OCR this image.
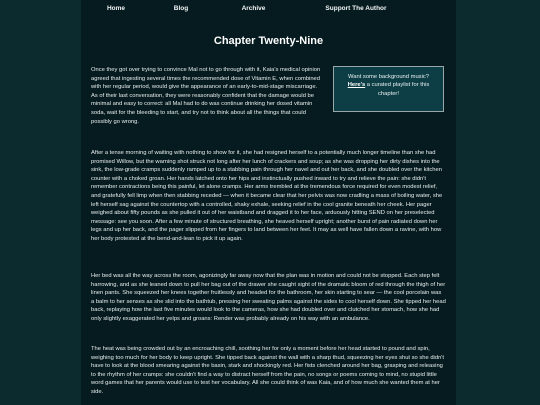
Home	Blog	Archive	Support The Author
Chapter Twenty-Nine

Once they got over trying to convince Mal not to go through with it, Kaia's medical opinion agreed that ingesting several times the recommended dose of Vitamin E, when combined with her regular period, would give the appearance of an early-to-mid-stage miscarriage. As of their last conversation, they were reasonably confident that the damage would be minimal and easy to correct: all Mal had to do was continue drinking her dosed vitamin soda, wait for the bleeding to start, and try not to think about all the things that could possibly go wrong.

Want some background music?
Here's a curated playlist for this chapter!

After a tense morning of waiting with nothing to show for it, she had resigned herself to a potentially much longer timeline than she had promised Willow, but the warning shot struck not long after her lunch of crackers and soup; as she was dropping her dirty dishes into the sink, the low-grade cramps suddenly ramped up to a stabbing pain through her navel and out her back, and she doubled over the kitchen counter with a choked groan. Her hands latched onto her hips and instinctually pushed inward to try and relieve the pain: she didn't remember contractions being this painful, let alone cramps. Her arms trembled at the tremendous force required for even modest relief, and gratefully fell limp when then stabbing receded — when it became clear that her pelvis was now cradling a mass of boiling water, she left herself sag against the countertop with a controlled, shaky exhale, seeking relief in the cool granite beneath her cheek. Her pager weighed about fifty pounds as she pulled it out of her waistband and dragged it to her face, arduously hitting SEND on her preselected message: see you soon. After a few minute of structured breathing, she heaved herself upright; another burst of pain radiated down her legs and up her back, and the pager slipped from her fingers to land between her feet. It may as well have fallen down a ravine, with how her body protested at the bend-and-lean to pick it up again.

Her bed was all the way across the room, agonizingly far away now that the plan was in motion and could not be stopped. Each step felt harrowing, and as she leaned down to pull her bag out of the drawer she caught sight of the dramatic bloom of red through the thigh of her linen pants. She squeezed her knees together fruitlessly and headed for the bathroom, her skin starting to sear — the cool porcelain was a balm to her senses as she slid into the bathtub, pressing her sweating palms against the sides to cool herself down. She tipped her head back, replaying how the last five minutes would look to the cameras, how she had doubled over and clutched her stomach, how she had only slightly exaggerated her yelps and groans: Render was probably already on his way with an ambulance.

The heat was being crowded out by an encroaching chill, soothing her for only a moment before her head started to pound and spin, weighing too much for her body to keep upright. She tipped back against the wall with a sharp thud, squeezing her eyes shut so she didn't have to look at the blood smearing against the basin, stark and shockingly red. Her fists clenched around her bag, grasping and releasing to the rhythm of her cramps: she couldn't find a way to distract herself from the pain, no songs or poems coming to mind, no stupid little word games that her parents would use to test her vocabulary. All she could think of was Kaia, and of how much she wanted them at her side.
